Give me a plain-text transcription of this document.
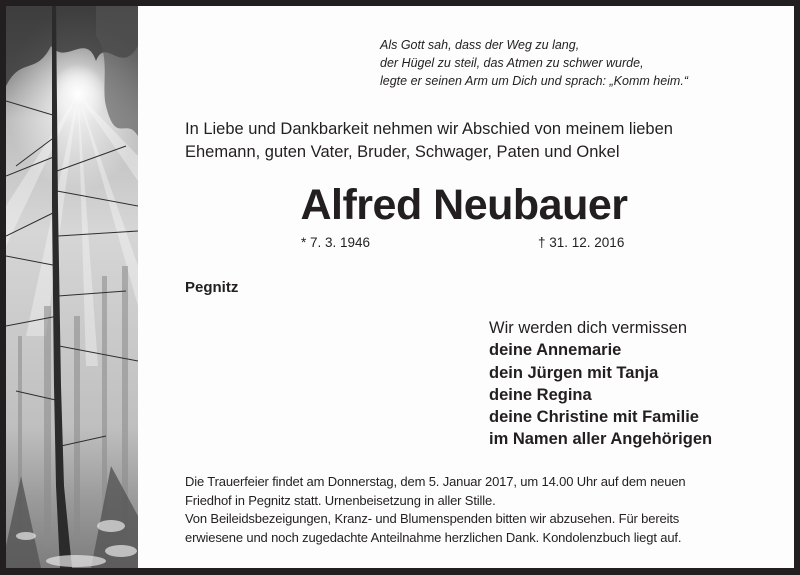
Als Gott sah, dass der Weg zu lang,
der Hügel zu steil, das Atmen zu schwer wurde,
legte er seinen Arm um Dich und sprach: „Komm heim.“
In Liebe und Dankbarkeit nehmen wir Abschied von meinem lieben
Ehemann, guten Vater, Bruder, Schwager, Paten und Onkel
Alfred Neubauer
* 7. 3. 1946	† 31. 12. 2016
Pegnitz
Wir werden dich vermissen
deine Annemarie
dein Jürgen mit Tanja
deine Regina
deine Christine mit Familie
im Namen aller Angehörigen
Die Trauerfeier findet am Donnerstag, dem 5. Januar 2017, um 14.00 Uhr auf dem neuen
Friedhof in Pegnitz statt. Urnenbeisetzung in aller Stille.
Von Beileidsbezeigungen, Kranz- und Blumenspenden bitten wir abzusehen. Für bereits
erwiesene und noch zugedachte Anteilnahme herzlichen Dank. Kondolenzbuch liegt auf.
